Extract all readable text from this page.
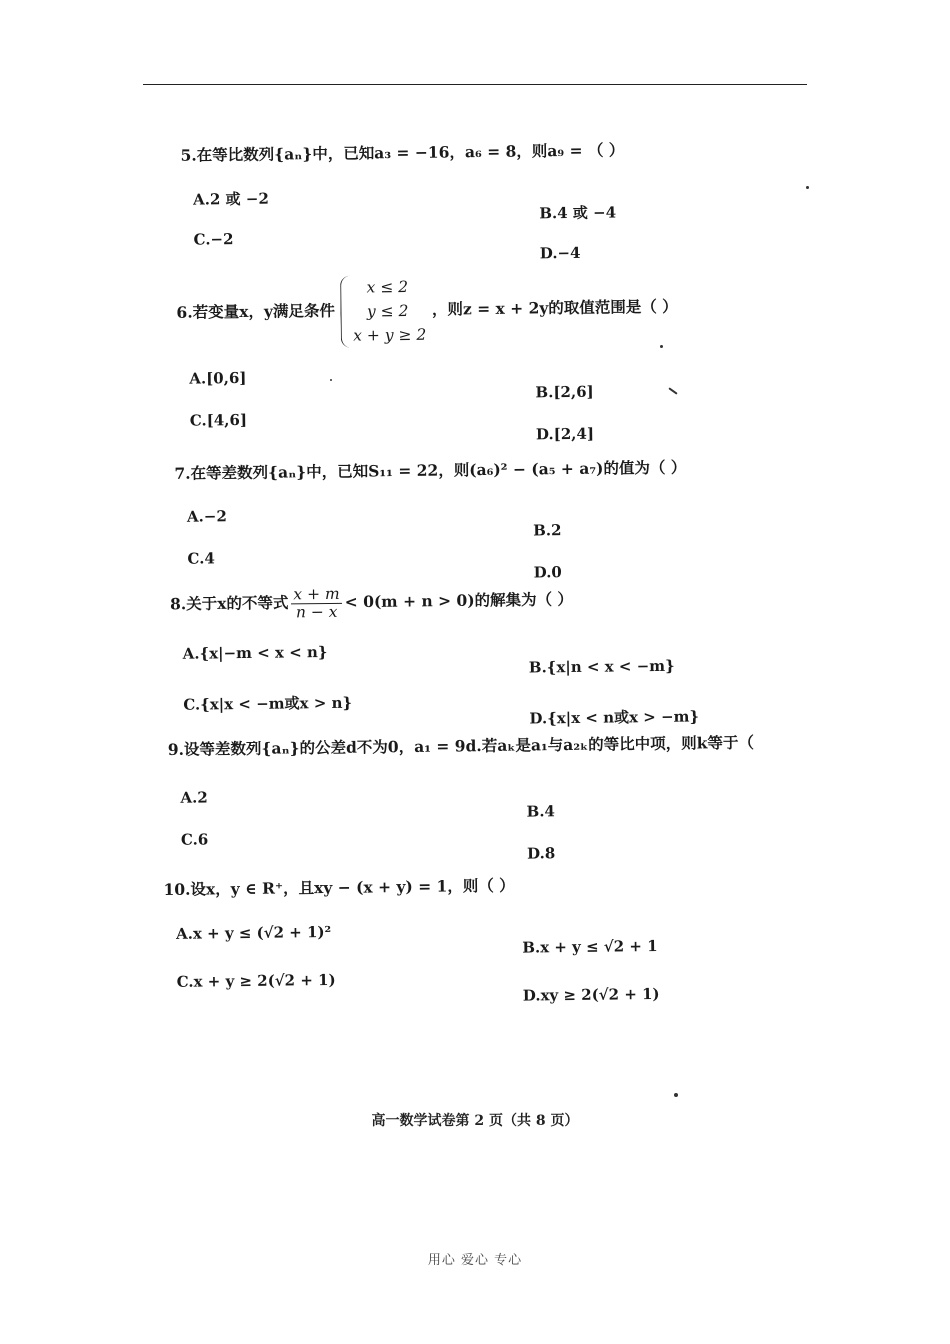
5.在等比数列{aₙ}中，已知a₃ = −16，a₆ = 8，则a₉ = （ ）
A.2 或 −2
B.4 或 −4
C.−2
D.−4
6.若变量x，y满足条件
x ≤ 2
y ≤ 2
x + y ≥ 2
，则z = x + 2y的取值范围是（ ）
A.[0,6]
B.[2,6]
C.[4,6]
D.[2,4]
7.在等差数列{aₙ}中，已知S₁₁ = 22，则(a₆)² − (a₅ + a₇)的值为（ ）
A.−2
B.2
C.4
D.0
8.关于x的不等式 $\frac{x + m}{n - x} < 0(m + n > 0)$的解集为（ ）
A.{x|−m < x < n}
B.{x|n < x < −m}
C.{x|x < −m或x > n}
D.{x|x < n或x > −m}
9.设等差数列{aₙ}的公差d不为0，a₁ = 9d.若aₖ是a₁与a₂ₖ的等比中项，则k等于（
A.2
B.4
C.6
D.8
10.设x，y ∈ R⁺，且xy − (x + y) = 1，则（ ）
A.x + y ≤ (√2 + 1)²
B.x + y ≤ √2 + 1
C.x + y ≥ 2(√2 + 1)
D.xy ≥ 2(√2 + 1)
高一数学试卷第 2 页（共 8 页）
用心 爱心 专心
